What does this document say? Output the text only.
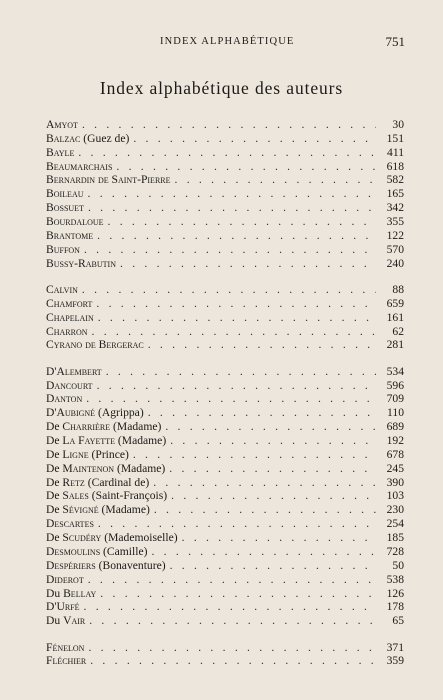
INDEX ALPHABÉTIQUE	751
Index alphabétique des auteurs
Amyot . . .	30
Balzac (Guez de) . . .	151
Bayle . . .	411
Beaumarchais . . .	618
Bernardin de Saint-Pierre . . .	582
Boileau . . .	165
Bossuet . . .	342
Bourdaloue . . .	355
Brantome . . .	122
Buffon . . .	570
Bussy-Rabutin . . .	240
Calvin . . .	88
Chamfort . . .	659
Chapelain . . .	161
Charron . . .	62
Cyrano de Bergerac . . .	281
D'Alembert . . .	534
Dancourt . . .	596
Danton . . .	709
D'Aubigné (Agrippa) . . .	110
De Charrière (Madame) . . .	689
De La Fayette (Madame) . . .	192
De Ligne (Prince) . . .	678
De Maintenon (Madame) . . .	245
De Retz (Cardinal de) . . .	390
De Sales (Saint-François) . . .	103
De Sévigné (Madame) . . .	230
Descartes . . .	254
De Scudéry (Mademoiselle) . . .	185
Desmoulins (Camille) . . .	728
Despériers (Bonaventure) . . .	50
Diderot . . .	538
Du Bellay . . .	126
D'Urfé . . .	178
Du Vair . . .	65
Fénelon . . .	371
Fléchier . . .	359
